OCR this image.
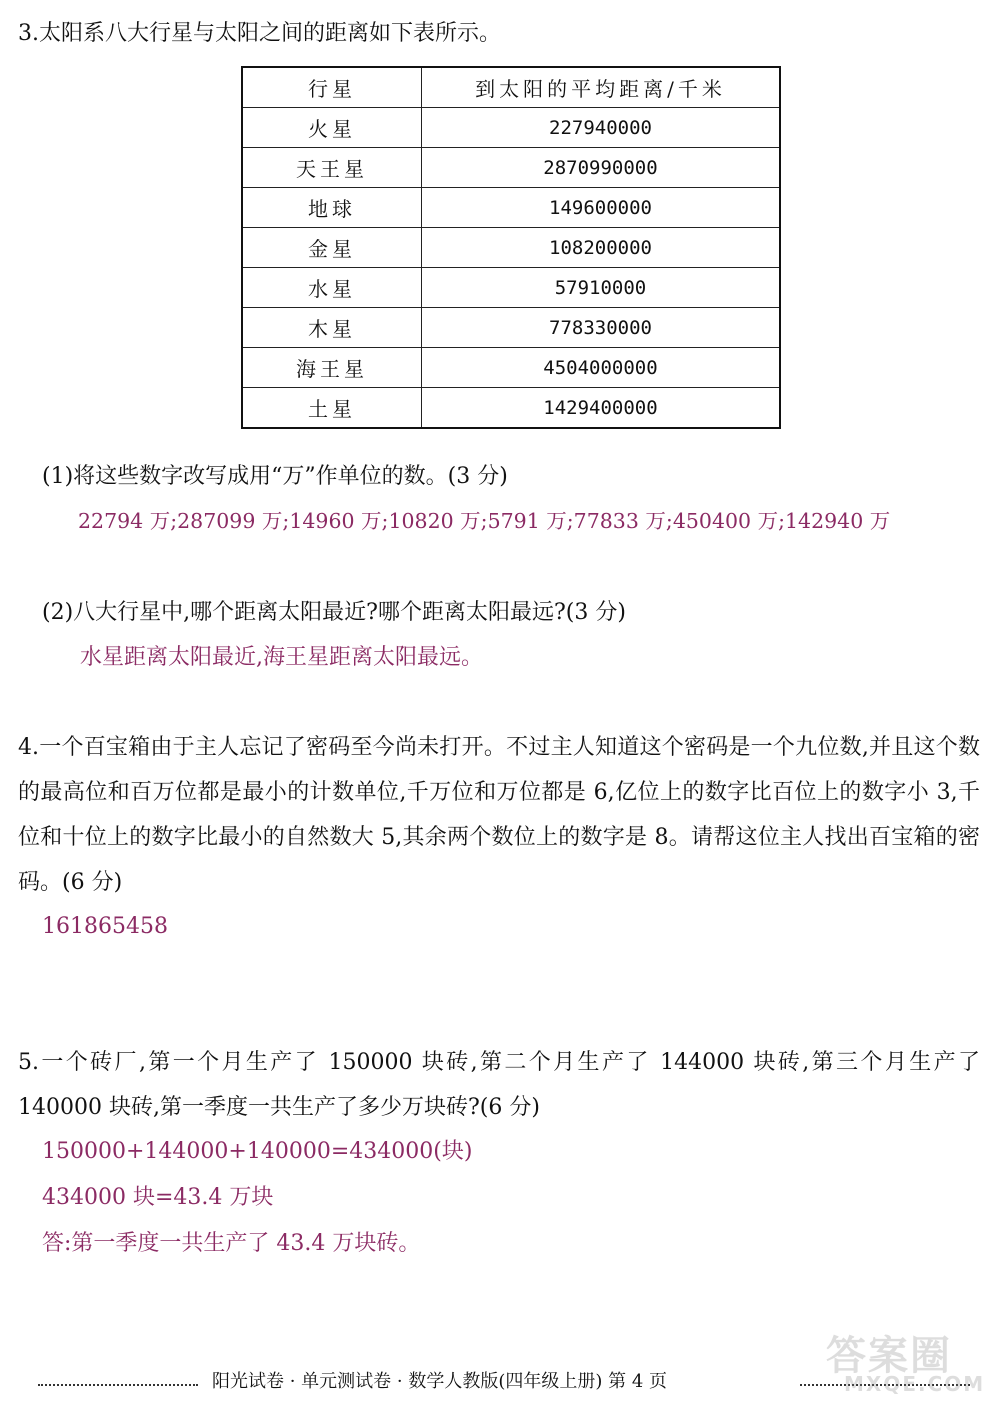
3.太阳系八大行星与太阳之间的距离如下表所示。
行星	到太阳的平均距离/千米
火星	227940000
天王星	2870990000
地球	149600000
金星	108200000
水星	57910000
木星	778330000
海王星	4504000000
土星	1429400000
(1)将这些数字改写成用“万”作单位的数。(3 分)
22794 万;287099 万;14960 万;10820 万;5791 万;77833 万;450400 万;142940 万
(2)八大行星中,哪个距离太阳最近?哪个距离太阳最远?(3 分)
水星距离太阳最近,海王星距离太阳最远。
4.一个百宝箱由于主人忘记了密码至今尚未打开。不过主人知道这个密码是一个九位数,并且这个数的最高位和百万位都是最小的计数单位,千万位和万位都是 6,亿位上的数字比百位上的数字小 3,千位和十位上的数字比最小的自然数大 5,其余两个数位上的数字是 8。请帮这位主人找出百宝箱的密码。(6 分)
161865458
5.一个砖厂,第一个月生产了 150000 块砖,第二个月生产了 144000 块砖,第三个月生产了 140000 块砖,第一季度一共生产了多少万块砖?(6 分)
150000+144000+140000=434000(块)
434000 块=43.4 万块
答:第一季度一共生产了 43.4 万块砖。
阳光试卷 · 单元测试卷 · 数学人教版(四年级上册) 第 4 页
答案圈
MXQE.COM
